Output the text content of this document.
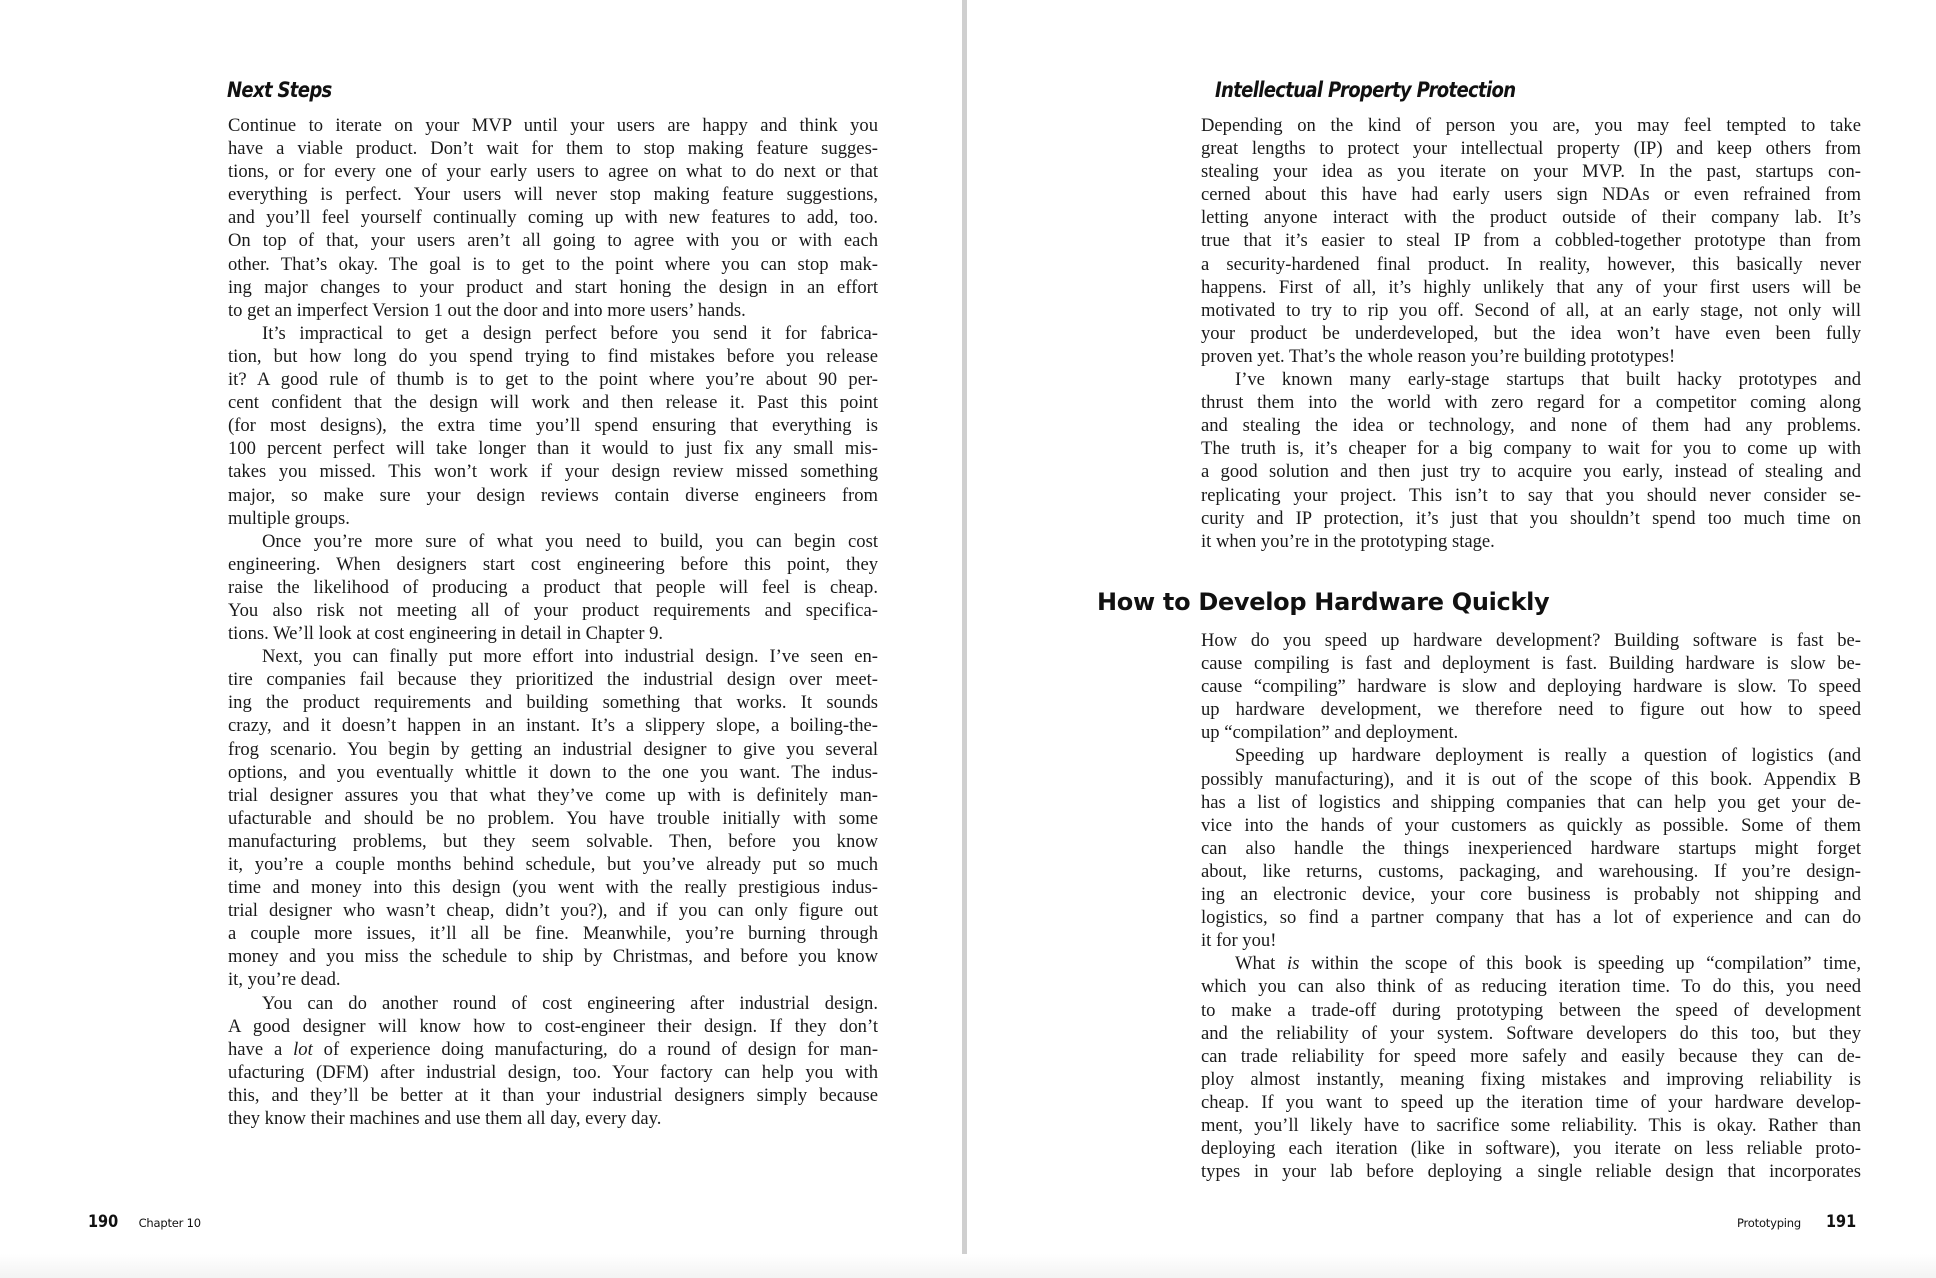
Next Steps
Continue to iterate on your MVP until your users are happy and think you
have a viable product. Don’t wait for them to stop making feature sugges-
tions, or for every one of your early users to agree on what to do next or that
everything is perfect. Your users will never stop making feature suggestions,
and you’ll feel yourself continually coming up with new features to add, too.
On top of that, your users aren’t all going to agree with you or with each
other. That’s okay. The goal is to get to the point where you can stop mak-
ing major changes to your product and start honing the design in an effort
to get an imperfect Version 1 out the door and into more users’ hands.
It’s impractical to get a design perfect before you send it for fabrica-
tion, but how long do you spend trying to find mistakes before you release
it? A good rule of thumb is to get to the point where you’re about 90 per-
cent confident that the design will work and then release it. Past this point
(for most designs), the extra time you’ll spend ensuring that everything is
100 percent perfect will take longer than it would to just fix any small mis-
takes you missed. This won’t work if your design review missed something
major, so make sure your design reviews contain diverse engineers from
multiple groups.
Once you’re more sure of what you need to build, you can begin cost
engineering. When designers start cost engineering before this point, they
raise the likelihood of producing a product that people will feel is cheap.
You also risk not meeting all of your product requirements and specifica-
tions. We’ll look at cost engineering in detail in Chapter 9.
Next, you can finally put more effort into industrial design. I’ve seen en-
tire companies fail because they prioritized the industrial design over meet-
ing the product requirements and building something that works. It sounds
crazy, and it doesn’t happen in an instant. It’s a slippery slope, a boiling-the-
frog scenario. You begin by getting an industrial designer to give you several
options, and you eventually whittle it down to the one you want. The indus-
trial designer assures you that what they’ve come up with is definitely man-
ufacturable and should be no problem. You have trouble initially with some
manufacturing problems, but they seem solvable. Then, before you know
it, you’re a couple months behind schedule, but you’ve already put so much
time and money into this design (you went with the really prestigious indus-
trial designer who wasn’t cheap, didn’t you?), and if you can only figure out
a couple more issues, it’ll all be fine. Meanwhile, you’re burning through
money and you miss the schedule to ship by Christmas, and before you know
it, you’re dead.
You can do another round of cost engineering after industrial design.
A good designer will know how to cost-engineer their design. If they don’t
have a lot of experience doing manufacturing, do a round of design for man-
ufacturing (DFM) after industrial design, too. Your factory can help you with
this, and they’ll be better at it than your industrial designers simply because
they know their machines and use them all day, every day.
190 Chapter 10
Intellectual Property Protection
Depending on the kind of person you are, you may feel tempted to take
great lengths to protect your intellectual property (IP) and keep others from
stealing your idea as you iterate on your MVP. In the past, startups con-
cerned about this have had early users sign NDAs or even refrained from
letting anyone interact with the product outside of their company lab. It’s
true that it’s easier to steal IP from a cobbled-together prototype than from
a security-hardened final product. In reality, however, this basically never
happens. First of all, it’s highly unlikely that any of your first users will be
motivated to try to rip you off. Second of all, at an early stage, not only will
your product be underdeveloped, but the idea won’t have even been fully
proven yet. That’s the whole reason you’re building prototypes!
I’ve known many early-stage startups that built hacky prototypes and
thrust them into the world with zero regard for a competitor coming along
and stealing the idea or technology, and none of them had any problems.
The truth is, it’s cheaper for a big company to wait for you to come up with
a good solution and then just try to acquire you early, instead of stealing and
replicating your project. This isn’t to say that you should never consider se-
curity and IP protection, it’s just that you shouldn’t spend too much time on
it when you’re in the prototyping stage.
How to Develop Hardware Quickly
How do you speed up hardware development? Building software is fast be-
cause compiling is fast and deployment is fast. Building hardware is slow be-
cause “compiling” hardware is slow and deploying hardware is slow. To speed
up hardware development, we therefore need to figure out how to speed
up “compilation” and deployment.
Speeding up hardware deployment is really a question of logistics (and
possibly manufacturing), and it is out of the scope of this book. Appendix B
has a list of logistics and shipping companies that can help you get your de-
vice into the hands of your customers as quickly as possible. Some of them
can also handle the things inexperienced hardware startups might forget
about, like returns, customs, packaging, and warehousing. If you’re design-
ing an electronic device, your core business is probably not shipping and
logistics, so find a partner company that has a lot of experience and can do
it for you!
What is within the scope of this book is speeding up “compilation” time,
which you can also think of as reducing iteration time. To do this, you need
to make a trade-off during prototyping between the speed of development
and the reliability of your system. Software developers do this too, but they
can trade reliability for speed more safely and easily because they can de-
ploy almost instantly, meaning fixing mistakes and improving reliability is
cheap. If you want to speed up the iteration time of your hardware develop-
ment, you’ll likely have to sacrifice some reliability. This is okay. Rather than
deploying each iteration (like in software), you iterate on less reliable proto-
types in your lab before deploying a single reliable design that incorporates
Prototyping 191
